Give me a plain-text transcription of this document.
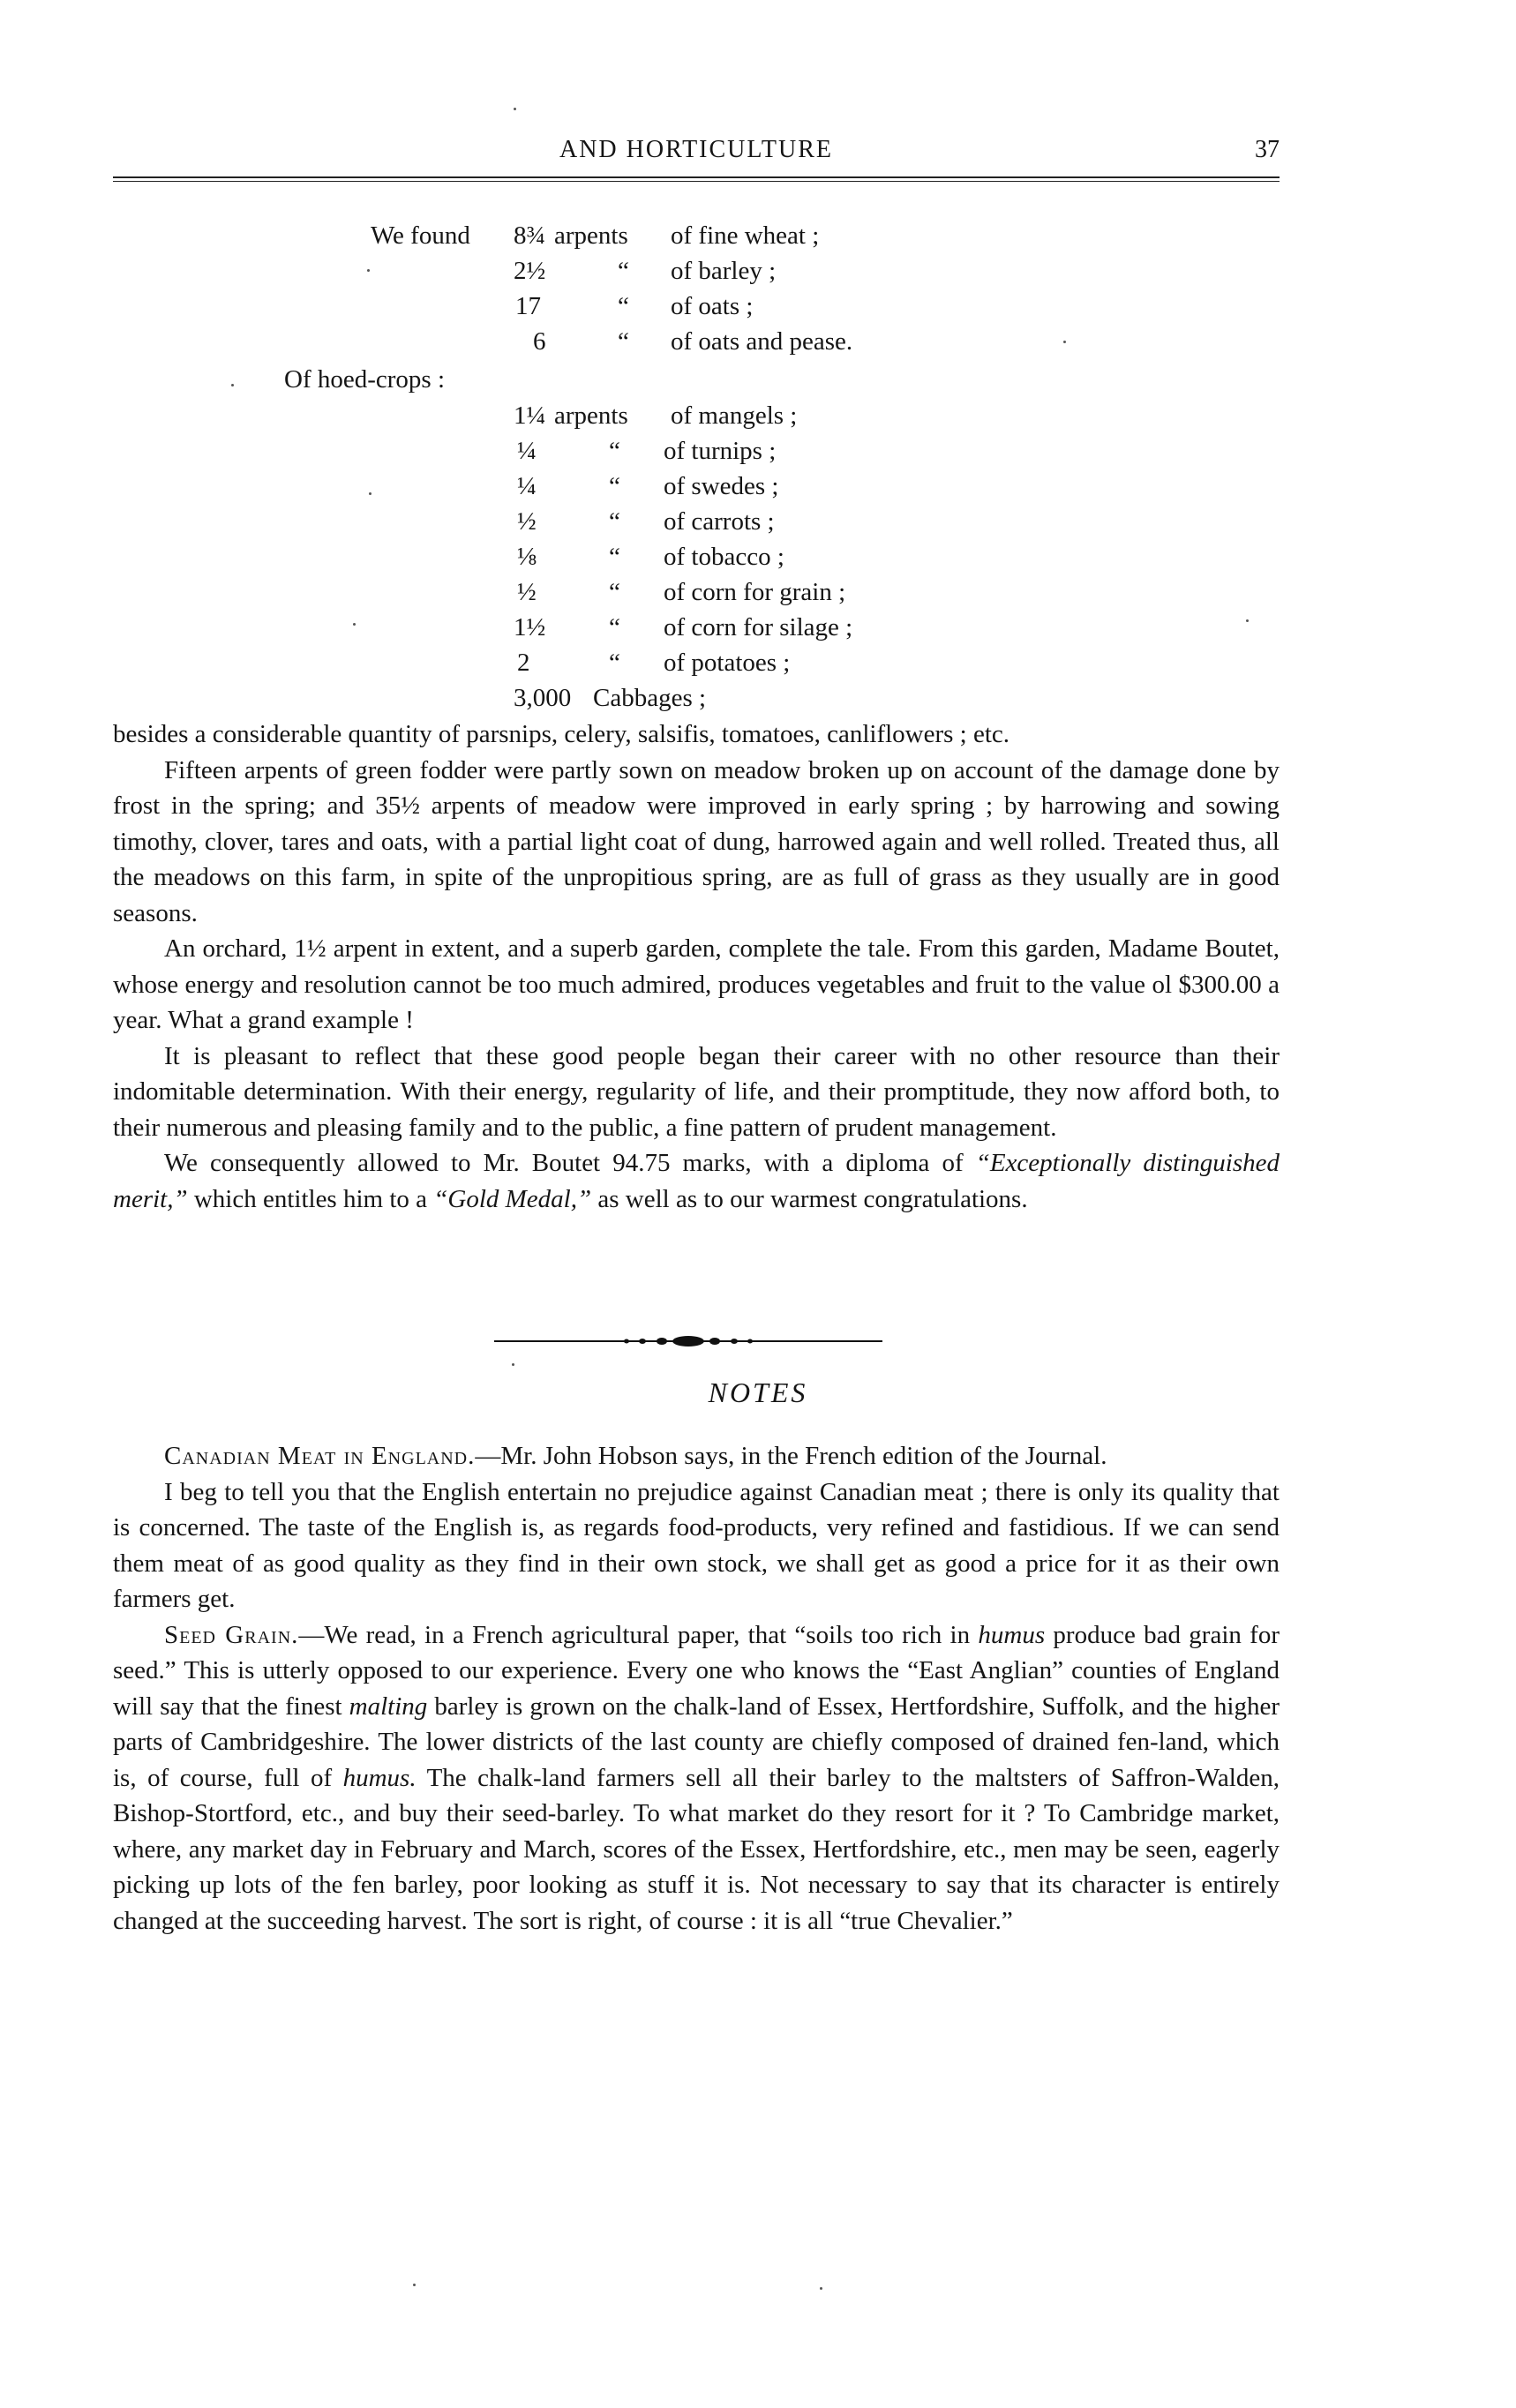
AND HORTICULTURE	37
We found 8¾ arpents of fine wheat ;
2½	“ of barley ;
17	“ of oats ;
6	“ of oats and pease.
Of hoed-crops :
1¼ arpents of mangels ;
¼	“ of turnips ;
¼	“ of swedes ;
½	“ of carrots ;
⅛	“ of tobacco ;
½	“ of corn for grain ;
1½ “ of corn for silage ;
2	“ of potatoes ;
3,000 Cabbages ;

besides a considerable quantity of parsnips, celery, salsifis, tomatoes, canliflowers ; etc.

Fifteen arpents of green fodder were partly sown on meadow broken up on account of the damage done by frost in the spring; and 35½ arpents of meadow were improved in early spring ; by harrowing and sowing timothy, clover, tares and oats, with a partial light coat of dung, harrowed again and well rolled. Treated thus, all the meadows on this farm, in spite of the unpropitious spring, are as full of grass as they usually are in good seasons.

An orchard, 1½ arpent in extent, and a superb garden, complete the tale. From this garden, Madame Boutet, whose energy and resolution cannot be too much admired, produces vegetables and fruit to the value ol $300.00 a year. What a grand example !

It is pleasant to reflect that these good people began their career with no other resource than their indomitable determination. With their energy, regularity of life, and their promptitude, they now afford both, to their numerous and pleasing family and to the public, a fine pattern of prudent management.

We consequently allowed to Mr. Boutet 94.75 marks, with a diploma of “Exceptionally distinguished merit,” which entitles him to a “Gold Medal,” as well as to our warmest congratulations.

NOTES

Canadian Meat in England.—Mr. John Hobson says, in the French edition of the Journal.

I beg to tell you that the English entertain no prejudice against Canadian meat ; there is only its quality that is concerned. The taste of the English is, as regards food-products, very refined and fastidious. If we can send them meat of as good quality as they find in their own stock, we shall get as good a price for it as their own farmers get.

Seed Grain.—We read, in a French agricultural paper, that “soils too rich in humus produce bad grain for seed.” This is utterly opposed to our experience. Every one who knows the “East Anglian” counties of England will say that the finest malting barley is grown on the chalk-land of Essex, Hertfordshire, Suffolk, and the higher parts of Cambridgeshire. The lower districts of the last county are chiefly composed of drained fen-land, which is, of course, full of humus. The chalk-land farmers sell all their barley to the maltsters of Saffron-Walden, Bishop-Stortford, etc., and buy their seed-barley. To what market do they resort for it ? To Cambridge market, where, any market day in February and March, scores of the Essex, Hertfordshire, etc., men may be seen, eagerly picking up lots of the fen barley, poor looking as stuff it is. Not necessary to say that its character is entirely changed at the succeeding harvest. The sort is right, of course : it is all “true Chevalier.”
